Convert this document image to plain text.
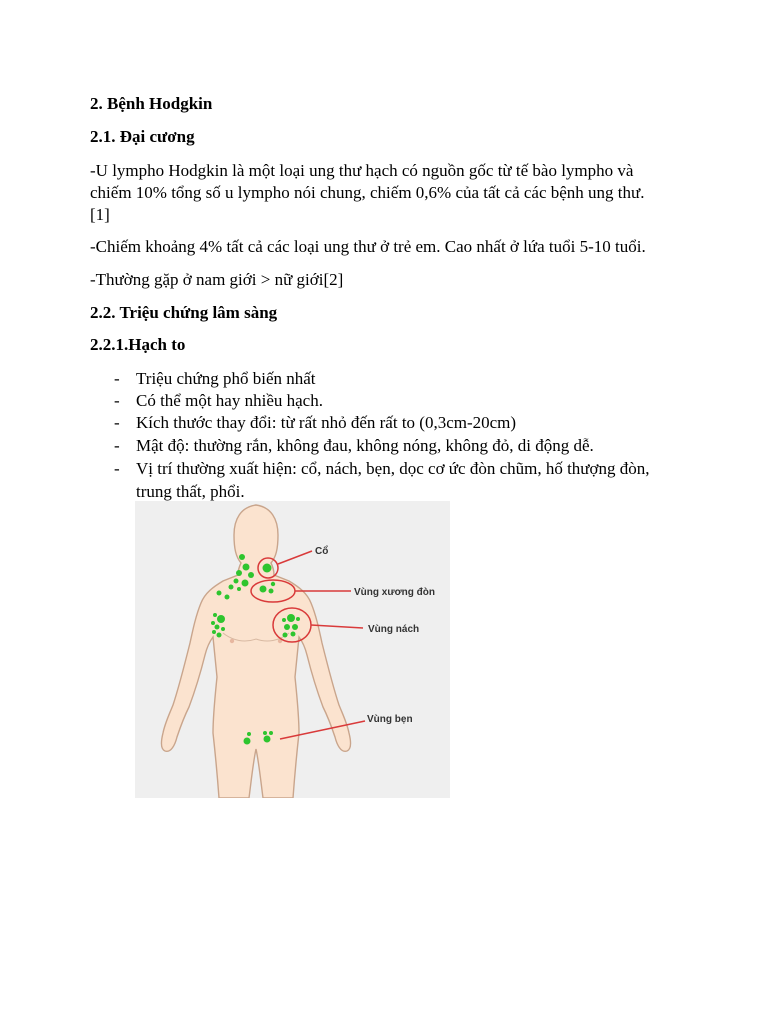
2. Bệnh Hodgkin
2.1. Đại cương
-U lympho Hodgkin là một loại ung thư hạch có nguồn gốc từ tế bào lympho và
chiếm 10% tổng số u lympho nói chung, chiếm 0,6% của tất cả các bệnh ung thư.
[1]
-Chiếm khoảng 4% tất cả các loại ung thư ở trẻ em. Cao nhất ở lứa tuổi 5-10 tuổi.
-Thường gặp ở nam giới > nữ giới[2]
2.2. Triệu chứng lâm sàng
2.2.1.Hạch to
- Triệu chứng phổ biến nhất
- Có thể một hay nhiều hạch.
- Kích thước thay đổi: từ rất nhỏ đến rất to (0,3cm-20cm)
- Mật độ: thường rắn, không đau, không nóng, không đỏ, di động dễ.
- Vị trí thường xuất hiện: cổ, nách, bẹn, dọc cơ ức đòn chũm, hố thượng đòn,
trung thất, phổi.
Cổ
Vùng xương đòn
Vùng nách
Vùng bẹn
